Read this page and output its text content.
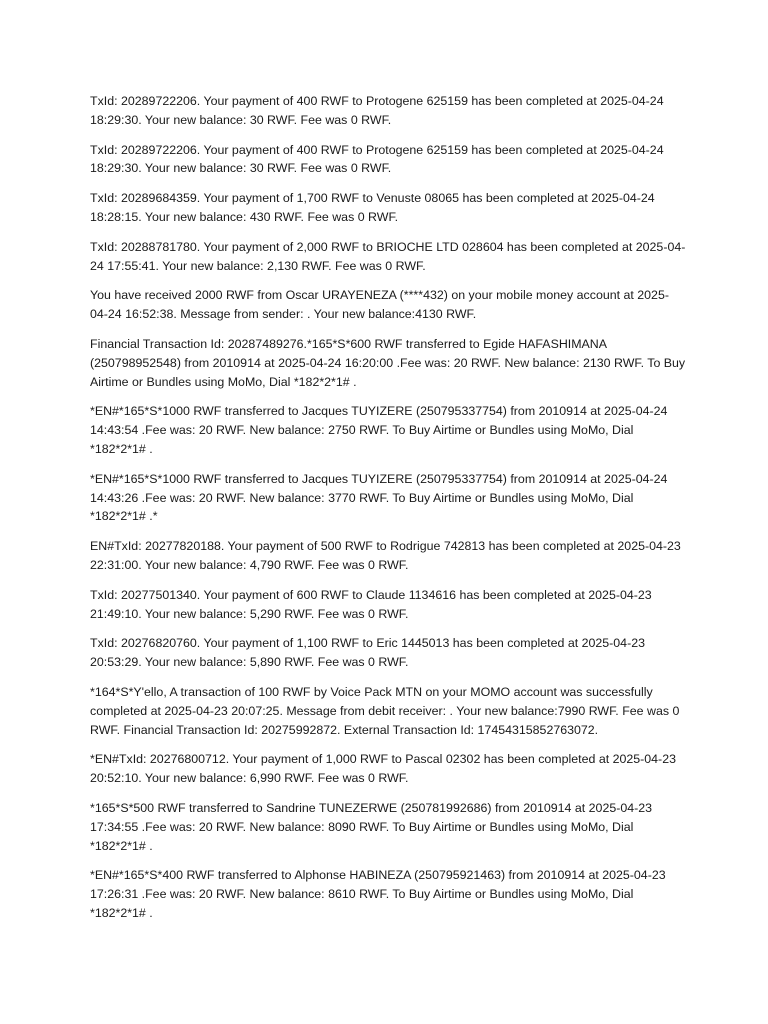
TxId: 20289722206. Your payment of 400 RWF to Protogene 625159 has been completed at 2025-04-24 18:29:30. Your new balance: 30 RWF. Fee was 0 RWF.

TxId: 20289722206. Your payment of 400 RWF to Protogene 625159 has been completed at 2025-04-24 18:29:30. Your new balance: 30 RWF. Fee was 0 RWF.

TxId: 20289684359. Your payment of 1,700 RWF to Venuste 08065 has been completed at 2025-04-24 18:28:15. Your new balance: 430 RWF. Fee was 0 RWF.

TxId: 20288781780. Your payment of 2,000 RWF to BRIOCHE LTD 028604 has been completed at 2025-04-24 17:55:41. Your new balance: 2,130 RWF. Fee was 0 RWF.

You have received 2000 RWF from Oscar URAYENEZA (****432) on your mobile money account at 2025-04-24 16:52:38. Message from sender: . Your new balance:4130 RWF.

Financial Transaction Id: 20287489276.*165*S*600 RWF transferred to Egide HAFASHIMANA (250798952548) from 2010914 at 2025-04-24 16:20:00 .Fee was: 20 RWF. New balance: 2130 RWF. To Buy Airtime or Bundles using MoMo, Dial *182*2*1# .

*EN#*165*S*1000 RWF transferred to Jacques TUYIZERE (250795337754) from 2010914 at 2025-04-24 14:43:54 .Fee was: 20 RWF. New balance: 2750 RWF. To Buy Airtime or Bundles using MoMo, Dial *182*2*1# .

*EN#*165*S*1000 RWF transferred to Jacques TUYIZERE (250795337754) from 2010914 at 2025-04-24 14:43:26 .Fee was: 20 RWF. New balance: 3770 RWF. To Buy Airtime or Bundles using MoMo, Dial *182*2*1# .*

EN#TxId: 20277820188. Your payment of 500 RWF to Rodrigue 742813 has been completed at 2025-04-23 22:31:00. Your new balance: 4,790 RWF. Fee was 0 RWF.

TxId: 20277501340. Your payment of 600 RWF to Claude 1134616 has been completed at 2025-04-23 21:49:10. Your new balance: 5,290 RWF. Fee was 0 RWF.

TxId: 20276820760. Your payment of 1,100 RWF to Eric 1445013 has been completed at 2025-04-23 20:53:29. Your new balance: 5,890 RWF. Fee was 0 RWF.

*164*S*Y'ello, A transaction of 100 RWF by Voice Pack MTN on your MOMO account was successfully completed at 2025-04-23 20:07:25. Message from debit receiver: . Your new balance:7990 RWF. Fee was 0 RWF. Financial Transaction Id: 20275992872. External Transaction Id: 17454315852763072.

*EN#TxId: 20276800712. Your payment of 1,000 RWF to Pascal 02302 has been completed at 2025-04-23 20:52:10. Your new balance: 6,990 RWF. Fee was 0 RWF.

*165*S*500 RWF transferred to Sandrine TUNEZERWE (250781992686) from 2010914 at 2025-04-23 17:34:55 .Fee was: 20 RWF. New balance: 8090 RWF. To Buy Airtime or Bundles using MoMo, Dial *182*2*1# .

*EN#*165*S*400 RWF transferred to Alphonse HABINEZA (250795921463) from 2010914 at 2025-04-23 17:26:31 .Fee was: 20 RWF. New balance: 8610 RWF. To Buy Airtime or Bundles using MoMo, Dial *182*2*1# .
